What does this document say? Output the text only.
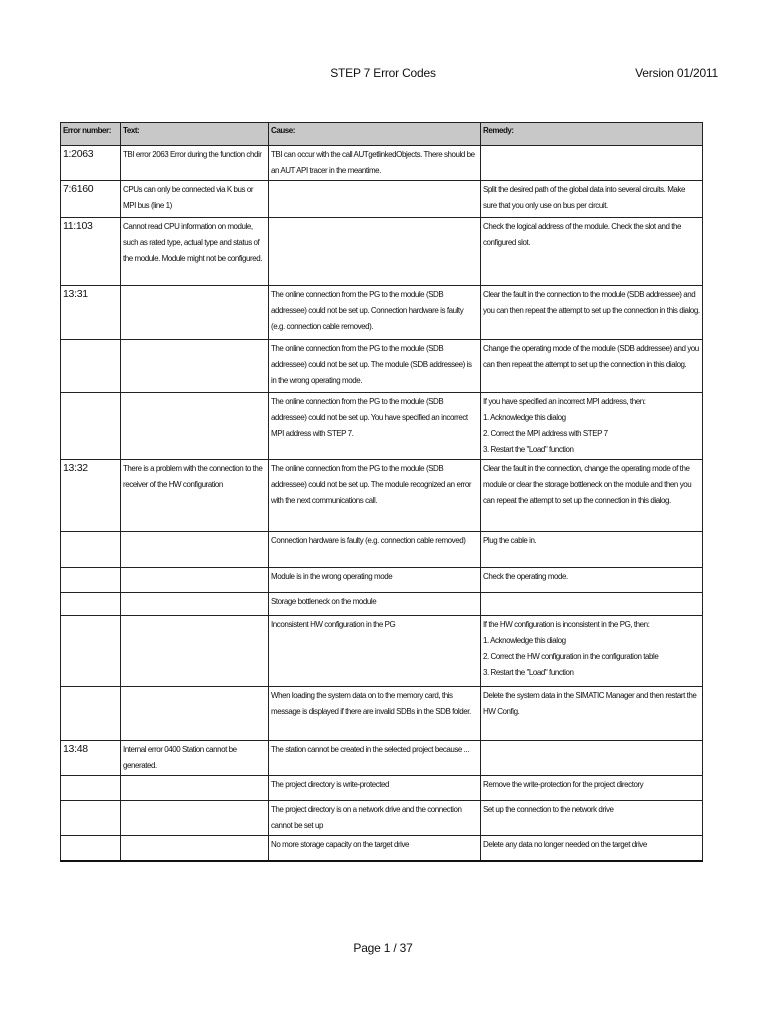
STEP 7 Error Codes	Version 01/2011
Error number:	Text:	Cause:	Remedy:
1:2063	TBI error 2063 Error during the function chdir	TBI can occur with the call AUTgetlinkedObjects. There should be an AUT API tracer in the meantime.	
7:6160	CPUs can only be connected via K bus or MPI bus (line 1)		Split the desired path of the global data into several circuits. Make sure that you only use on bus per circuit.
11:103	Cannot read CPU information on module, such as rated type, actual type and status of the module. Module might not be configured.		Check the logical address of the module. Check the slot and the configured slot.
13:31		The online connection from the PG to the module (SDB addressee) could not be set up. Connection hardware is faulty (e.g. connection cable removed).	Clear the fault in the connection to the module (SDB addressee) and you can then repeat the attempt to set up the connection in this dialog.
		The online connection from the PG to the module (SDB addressee) could not be set up. The module (SDB addressee) is in the wrong operating mode.	Change the operating mode of the module (SDB addressee) and you can then repeat the attempt to set up the connection in this dialog.
		The online connection from the PG to the module (SDB addressee) could not be set up. You have specified an incorrect MPI address with STEP 7.	If you have specified an incorrect MPI address, then:
1. Acknowledge this dialog
2. Correct the MPI address with STEP 7
3. Restart the "Load" function
13:32	There is a problem with the connection to the receiver of the HW configuration	The online connection from the PG to the module (SDB addressee) could not be set up. The module recognized an error with the next communications call.	Clear the fault in the connection, change the operating mode of the module or clear the storage bottleneck on the module and then you can repeat the attempt to set up the connection in this dialog.
		Connection hardware is faulty (e.g. connection cable removed)	Plug the cable in.
		Module is in the wrong operating mode	Check the operating mode.
		Storage bottleneck on the module	
		Inconsistent HW configuration in the PG	If the HW configuration is inconsistent in the PG, then:
1. Acknowledge this dialog
2. Correct the HW configuration in the configuration table
3. Restart the "Load" function
		When loading the system data on to the memory card, this message is displayed if there are invalid SDBs in the SDB folder.	Delete the system data in the SIMATIC Manager and then restart the HW Config.
13:48	Internal error 0400 Station cannot be generated.	The station cannot be created in the selected project because ...	
		The project directory is write-protected	Remove the write-protection for the project directory
		The project directory is on a network drive and the connection cannot be set up	Set up the connection to the network drive
		No more storage capacity on the target drive	Delete any data no longer needed on the target drive
Page 1 / 37
